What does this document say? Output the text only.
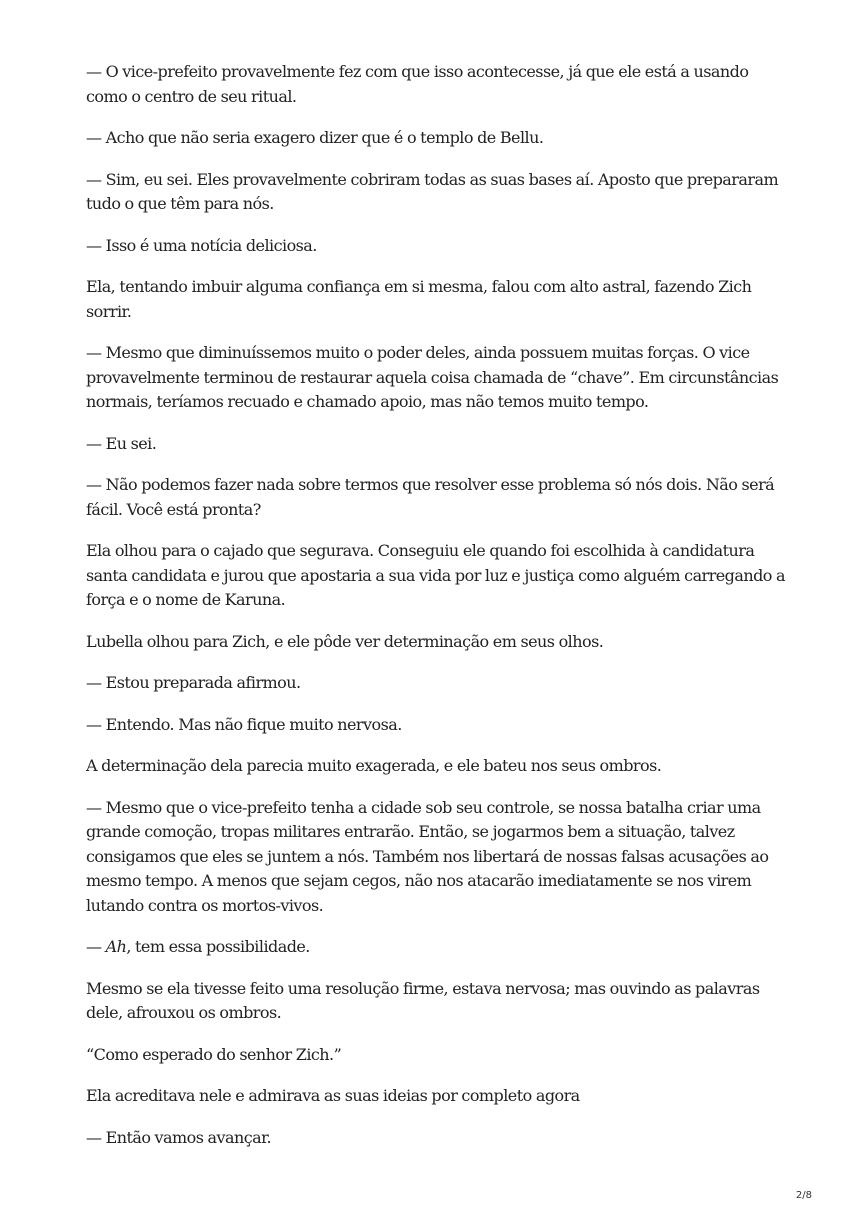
— O vice-prefeito provavelmente fez com que isso acontecesse, já que ele está a usando como o centro de seu ritual.

— Acho que não seria exagero dizer que é o templo de Bellu.

— Sim, eu sei. Eles provavelmente cobriram todas as suas bases aí. Aposto que prepararam tudo o que têm para nós.

— Isso é uma notícia deliciosa.

Ela, tentando imbuir alguma confiança em si mesma, falou com alto astral, fazendo Zich sorrir.

— Mesmo que diminuíssemos muito o poder deles, ainda possuem muitas forças. O vice provavelmente terminou de restaurar aquela coisa chamada de “chave”. Em circunstâncias normais, teríamos recuado e chamado apoio, mas não temos muito tempo.

— Eu sei.

— Não podemos fazer nada sobre termos que resolver esse problema só nós dois. Não será fácil. Você está pronta?

Ela olhou para o cajado que segurava. Conseguiu ele quando foi escolhida à candidatura santa candidata e jurou que apostaria a sua vida por luz e justiça como alguém carregando a força e o nome de Karuna.

Lubella olhou para Zich, e ele pôde ver determinação em seus olhos.

— Estou preparada afirmou.

— Entendo. Mas não fique muito nervosa.

A determinação dela parecia muito exagerada, e ele bateu nos seus ombros.

— Mesmo que o vice-prefeito tenha a cidade sob seu controle, se nossa batalha criar uma grande comoção, tropas militares entrarão. Então, se jogarmos bem a situação, talvez consigamos que eles se juntem a nós. Também nos libertará de nossas falsas acusações ao mesmo tempo. A menos que sejam cegos, não nos atacarão imediatamente se nos virem lutando contra os mortos-vivos.

— Ah, tem essa possibilidade.

Mesmo se ela tivesse feito uma resolução firme, estava nervosa; mas ouvindo as palavras dele, afrouxou os ombros.

“Como esperado do senhor Zich.”

Ela acreditava nele e admirava as suas ideias por completo agora

— Então vamos avançar.

2/8
